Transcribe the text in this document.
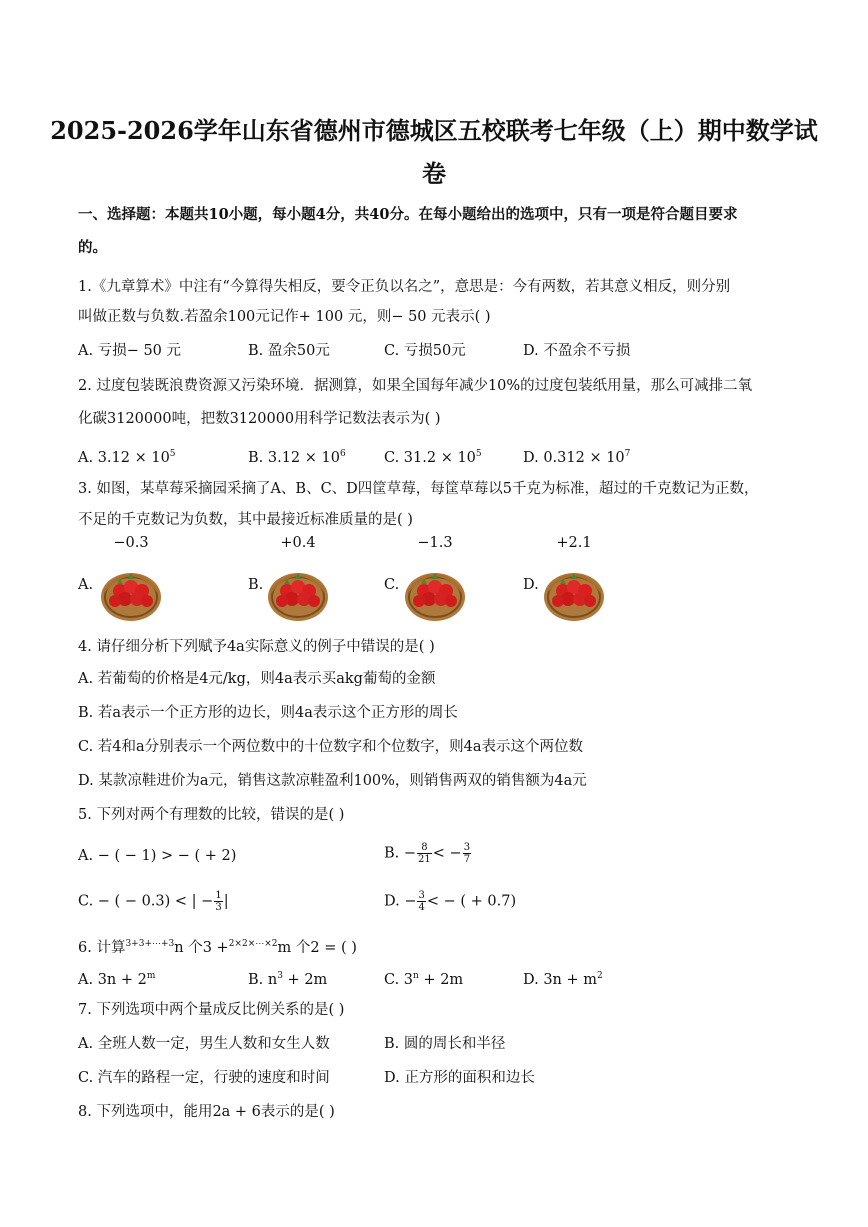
2025-2026学年山东省德州市德城区五校联考七年级（上）期中数学试
卷
一、选择题：本题共10小题，每小题4分，共40分。在每小题给出的选项中，只有一项是符合题目要求
的。
1.《九章算术》中注有“今算得失相反，要令正负以名之”，意思是：今有两数，若其意义相反，则分别
叫做正数与负数.若盈余100元记作+ 100 元，则− 50 元表示( )
A. 亏损− 50 元	B. 盈余50元	C. 亏损50元	D. 不盈余不亏损
2. 过度包装既浪费资源又污染环境．据测算，如果全国每年减少10%的过度包装纸用量，那么可减排二氧
化碳3120000吨，把数3120000用科学记数法表示为( )
A. $3.12 \times 10^5$	B. $3.12 \times 10^6$	C. $31.2 \times 10^5$	D. $0.312 \times 10^7$
3. 如图，某草莓采摘园采摘了A、B、C、D四筐草莓，每筐草莓以5千克为标准，超过的千克数记为正数，
不足的千克数记为负数，其中最接近标准质量的是( )
A.
−0.3
B.
+0.4
C.
−1.3
D.
+2.1
4. 请仔细分析下列赋予4a实际意义的例子中错误的是( )
A. 若葡萄的价格是4元/kg，则4a表示买akg葡萄的金额
B. 若a表示一个正方形的边长，则4a表示这个正方形的周长
C. 若4和a分别表示一个两位数中的十位数字和个位数字，则4a表示这个两位数
D. 某款凉鞋进价为a元，销售这款凉鞋盈利100%，则销售两双的销售额为4a元
5. 下列对两个有理数的比较，错误的是( )
A. − ( − 1) > − ( + 2)	B. − $\frac{8}{21}$ < − $\frac{3}{7}$
C. − ( − 0.3) < | − $\frac{1}{3}$ |	D. − $\frac{3}{4}$ < − ( + 0.7)
6. 计算$^{3+3+\cdots+3}$n 个3 +$^{2\times 2\times\cdots\times 2}$m 个2 = ( )
A. $3n + 2^m$	B. $n^3 + 2m$	C. $3^n + 2m$	D. $3n + m^2$
7. 下列选项中两个量成反比例关系的是( )
A. 全班人数一定，男生人数和女生人数	B. 圆的周长和半径
C. 汽车的路程一定，行驶的速度和时间	D. 正方形的面积和边长
8. 下列选项中，能用2a + 6表示的是( )
